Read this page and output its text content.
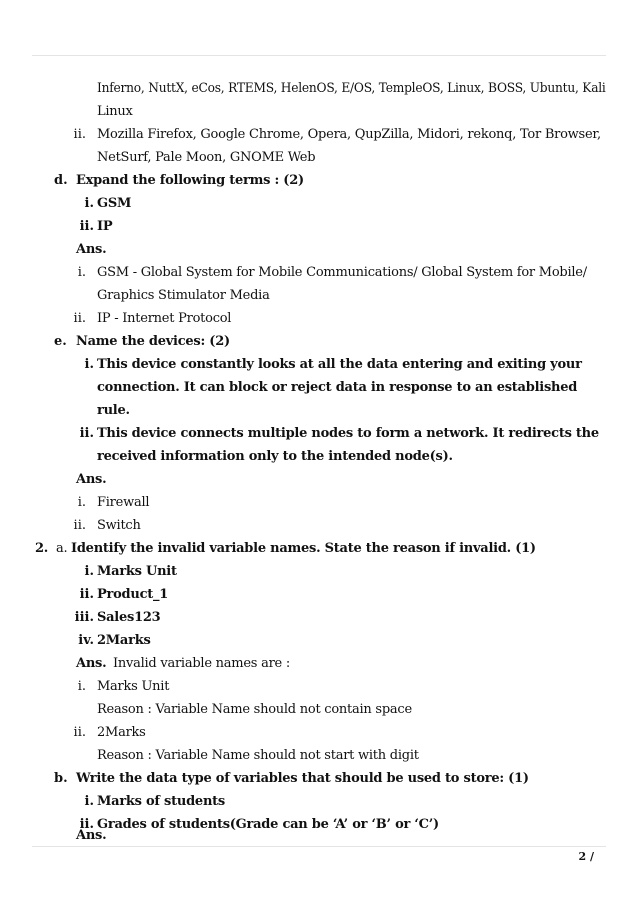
Inferno, NuttX, eCos, RTEMS, HelenOS, E/OS, TempleOS, Linux, BOSS, Ubuntu, Kali
Linux
ii. Mozilla Firefox, Google Chrome, Opera, QupZilla, Midori, rekonq, Tor Browser,
NetSurf, Pale Moon, GNOME Web
d. Expand the following terms : (2)
i. GSM
ii. IP
Ans.
i. GSM - Global System for Mobile Communications/ Global System for Mobile/
Graphics Stimulator Media
ii. IP - Internet Protocol
e. Name the devices: (2)
i. This device constantly looks at all the data entering and exiting your
connection. It can block or reject data in response to an established
rule.
ii. This device connects multiple nodes to form a network. It redirects the
received information only to the intended node(s).
Ans.
i. Firewall
ii. Switch
2. a. Identify the invalid variable names. State the reason if invalid. (1)
i. Marks Unit
ii. Product_1
iii. Sales123
iv. 2Marks
Ans. Invalid variable names are :
i. Marks Unit
Reason : Variable Name should not contain space
ii. 2Marks
Reason : Variable Name should not start with digit
b. Write the data type of variables that should be used to store: (1)
i. Marks of students
ii. Grades of students(Grade can be ‘A’ or ‘B’ or ‘C’)
Ans.
2 /
